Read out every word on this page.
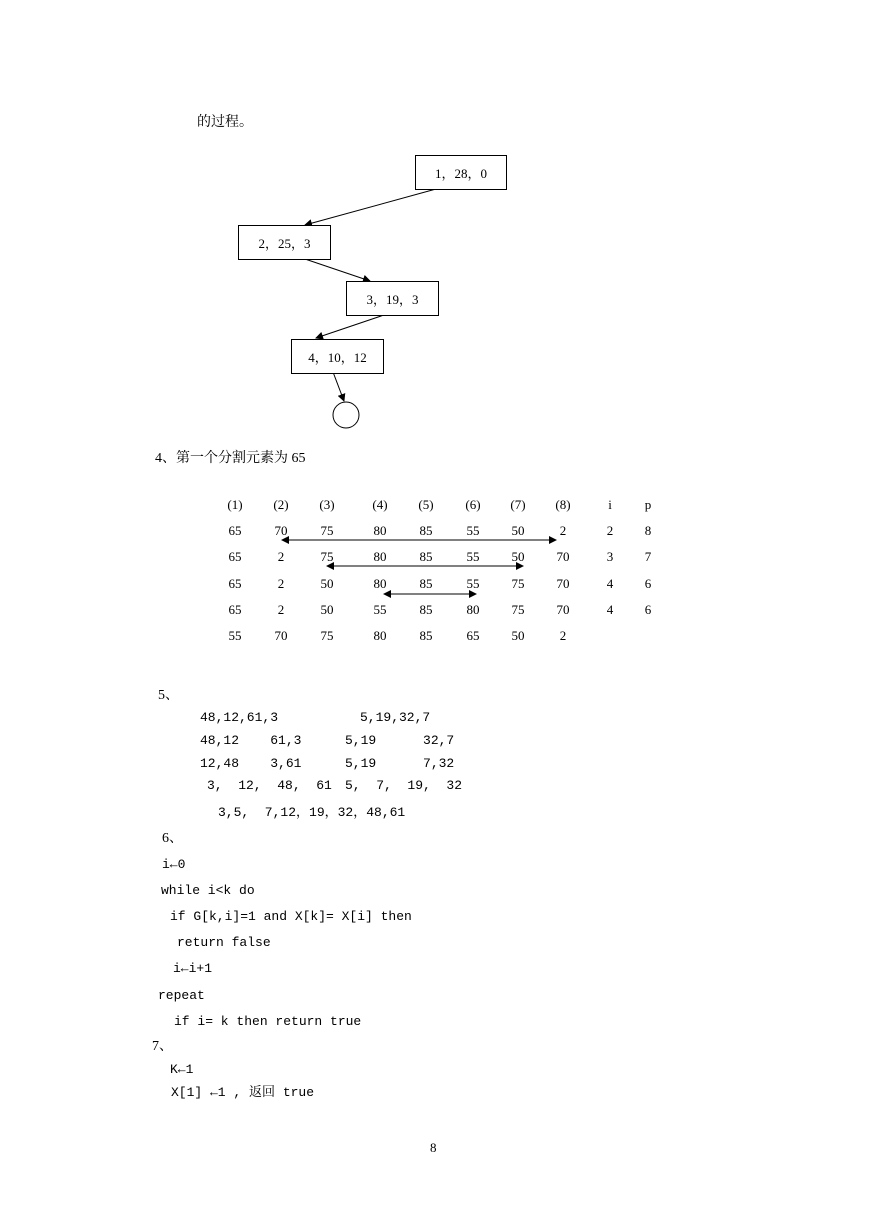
的过程。
1，28，0
2，25，3
3，19，3
4，10，12
4、第一个分割元素为 65
(1) (2) (3)	(4) (5) (6) (7) (8)	i	p
65	70	75	80	85	55 50	2	2 8
65	2	75	80	85	55 50 70	3 7
65	2	50	80	85	55 75 70	4 6
65	2	50	55	85	80 75 70	4 6
55	70	75	80	85	65 50	2
5、
48,12,61,3	5,19,32,7
48,12    61,3	5,19      32,7
12,48    3,61	5,19      7,32
3,  12,  48,  61 5,  7,  19,  32
3,5,  7,12，19，32，48,61
6、
i←0
while i<k do
if G[k,i]=1 and X[k]= X[i] then
return false
i←i+1
repeat
if i= k then return true
7、
K←1
X[1] ←1 , 返回 true
8
